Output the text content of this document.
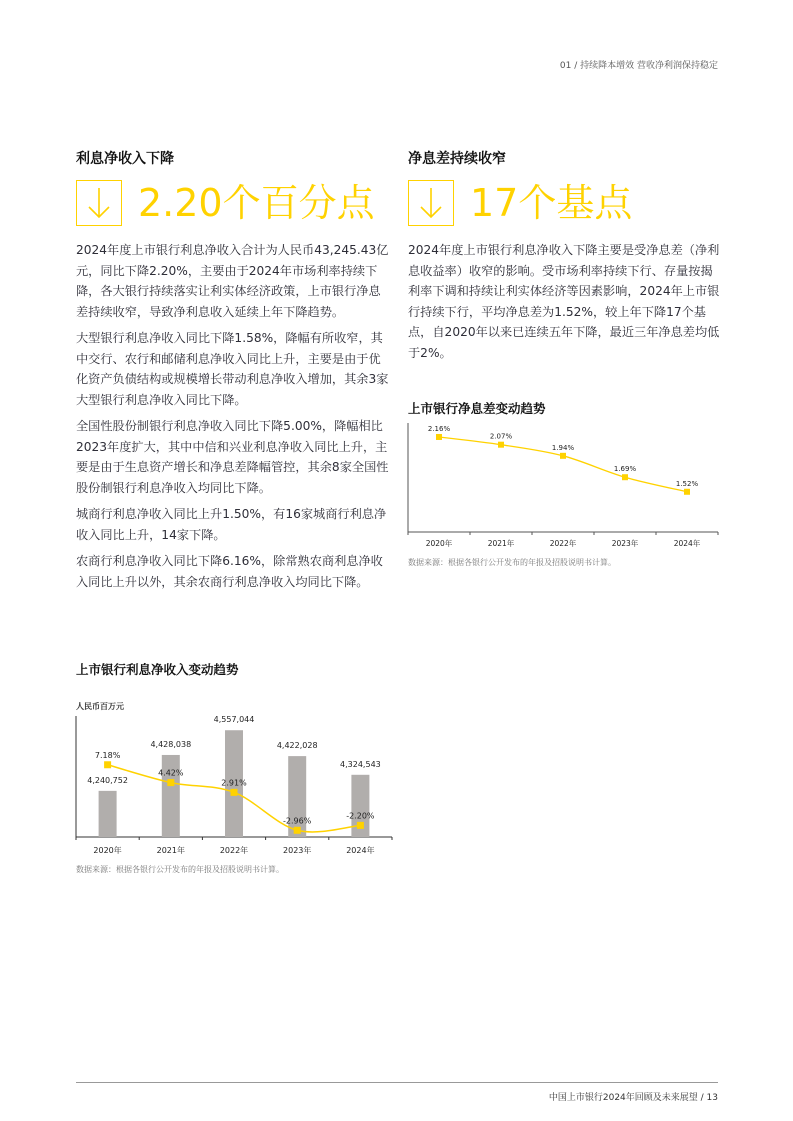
01 / 持续降本增效 营收净利润保持稳定
利息净收入下降
2.20个百分点

2024年度上市银行利息净收入合计为人民币43,245.43亿元，同比下降2.20%，主要由于2024年市场利率持续下降，各大银行持续落实让利实体经济政策，上市银行净息差持续收窄，导致净利息收入延续上年下降趋势。

大型银行利息净收入同比下降1.58%，降幅有所收窄，其中交行、农行和邮储利息净收入同比上升，主要是由于优化资产负债结构或规模增长带动利息净收入增加，其余3家大型银行利息净收入同比下降。

全国性股份制银行利息净收入同比下降5.00%，降幅相比2023年度扩大，其中中信和兴业利息净收入同比上升，主要是由于生息资产增长和净息差降幅管控，其余8家全国性股份制银行利息净收入均同比下降。

城商行利息净收入同比上升1.50%，有16家城商行利息净收入同比上升，14家下降。

农商行利息净收入同比下降6.16%，除常熟农商利息净收入同比上升以外，其余农商行利息净收入均同比下降。

净息差持续收窄
17个基点

2024年度上市银行利息净收入下降主要是受净息差（净利息收益率）收窄的影响。受市场利率持续下行、存量按揭利率下调和持续让利实体经济等因素影响，2024年上市银行持续下行，平均净息差为1.52%，较上年下降17个基点，自2020年以来已连续五年下降，最近三年净息差均低于2%。

上市银行利息净收入变动趋势
人民币百万元
4,240,752
2020年
4,428,038
2021年
4,557,044
2022年
4,422,028
2023年
4,324,543
2024年
7.18%
4.42%
2.91%
-2.96%
-2.20%
2020年	2021年	2022年	2023年	2024年
2.16%
2.07%
1.94%
1.69%
1.52%
数据来源：根据各银行公开发布的年报及招股说明书计算。
上市银行净息差变动趋势
数据来源：根据各银行公开发布的年报及招股说明书计算。
中国上市银行2024年回顾及未来展望 / 13
